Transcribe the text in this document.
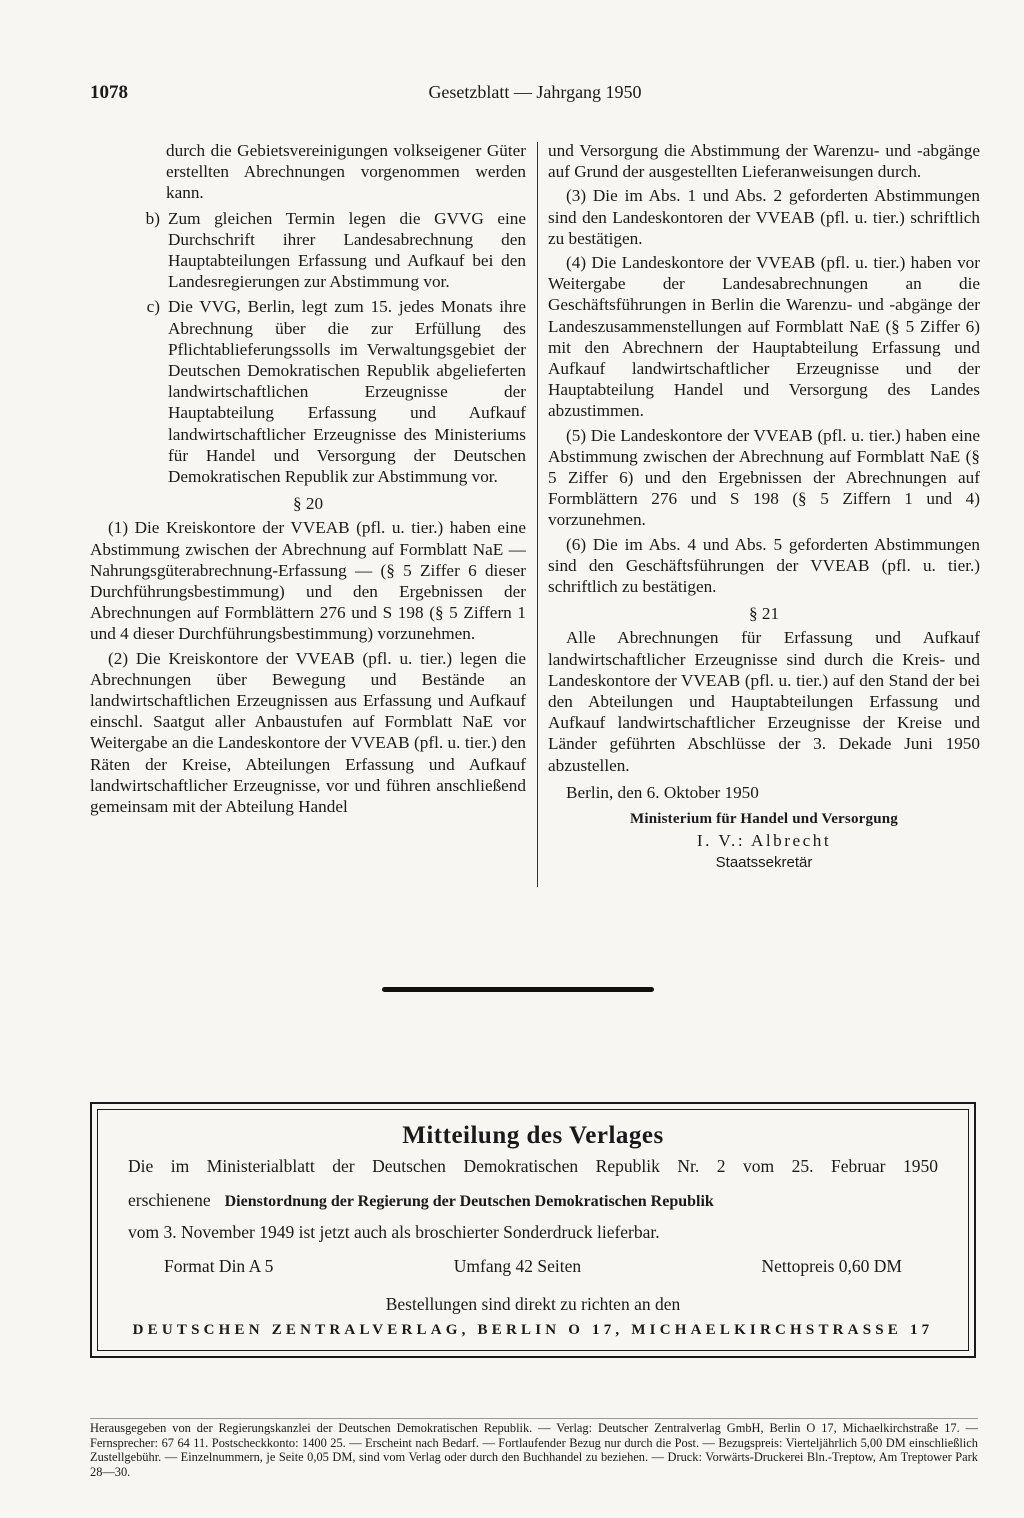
1078	Gesetzblatt — Jahrgang 1950

durch die Gebietsvereinigungen volkseigener Güter erstellten Abrechnungen vorgenommen werden kann.

b) Zum gleichen Termin legen die GVVG eine Durchschrift ihrer Landesabrechnung den Hauptabteilungen Erfassung und Aufkauf bei den Landesregierungen zur Abstimmung vor.
c) Die VVG, Berlin, legt zum 15. jedes Monats ihre Abrechnung über die zur Erfüllung des Pflichtablieferungssolls im Verwaltungsgebiet der Deutschen Demokratischen Republik abgelieferten landwirtschaftlichen Erzeugnisse der Hauptabteilung Erfassung und Aufkauf landwirtschaftlicher Erzeugnisse des Ministeriums für Handel und Versorgung der Deutschen Demokratischen Republik zur Abstimmung vor.

§ 20

(1) Die Kreiskontore der VVEAB (pfl. u. tier.) haben eine Abstimmung zwischen der Abrechnung auf Formblatt NaE — Nahrungsgüterabrechnung-Erfassung — (§ 5 Ziffer 6 dieser Durchführungsbestimmung) und den Ergebnissen der Abrechnungen auf Formblättern 276 und S 198 (§ 5 Ziffern 1 und 4 dieser Durchführungsbestimmung) vorzunehmen.

(2) Die Kreiskontore der VVEAB (pfl. u. tier.) legen die Abrechnungen über Bewegung und Bestände an landwirtschaftlichen Erzeugnissen aus Erfassung und Aufkauf einschl. Saatgut aller Anbaustufen auf Formblatt NaE vor Weitergabe an die Landeskontore der VVEAB (pfl. u. tier.) den Räten der Kreise, Abteilungen Erfassung und Aufkauf landwirtschaftlicher Erzeugnisse, vor und führen anschließend gemeinsam mit der Abteilung Handel

und Versorgung die Abstimmung der Warenzu- und -abgänge auf Grund der ausgestellten Lieferanweisungen durch.

(3) Die im Abs. 1 und Abs. 2 geforderten Abstimmungen sind den Landeskontoren der VVEAB (pfl. u. tier.) schriftlich zu bestätigen.

(4) Die Landeskontore der VVEAB (pfl. u. tier.) haben vor Weitergabe der Landesabrechnungen an die Geschäftsführungen in Berlin die Warenzu- und -abgänge der Landeszusammenstellungen auf Formblatt NaE (§ 5 Ziffer 6) mit den Abrechnern der Hauptabteilung Erfassung und Aufkauf landwirtschaftlicher Erzeugnisse und der Hauptabteilung Handel und Versorgung des Landes abzustimmen.

(5) Die Landeskontore der VVEAB (pfl. u. tier.) haben eine Abstimmung zwischen der Abrechnung auf Formblatt NaE (§ 5 Ziffer 6) und den Ergebnissen der Abrechnungen auf Formblättern 276 und S 198 (§ 5 Ziffern 1 und 4) vorzunehmen.

(6) Die im Abs. 4 und Abs. 5 geforderten Abstimmungen sind den Geschäftsführungen der VVEAB (pfl. u. tier.) schriftlich zu bestätigen.

§ 21

Alle Abrechnungen für Erfassung und Aufkauf landwirtschaftlicher Erzeugnisse sind durch die Kreis- und Landeskontore der VVEAB (pfl. u. tier.) auf den Stand der bei den Abteilungen und Hauptabteilungen Erfassung und Aufkauf landwirtschaftlicher Erzeugnisse der Kreise und Länder geführten Abschlüsse der 3. Dekade Juni 1950 abzustellen.

Berlin, den 6. Oktober 1950

Ministerium für Handel und Versorgung

I. V.: Albrecht

Staatssekretär

Mitteilung des Verlages
Die im Ministerialblatt der Deutschen Demokratischen Republik Nr. 2 vom 25. Februar 1950
erschienene Dienstordnung der Regierung der Deutschen Demokratischen Republik
vom 3. November 1949 ist jetzt auch als broschierter Sonderdruck lieferbar.
Format Din A 5	Umfang 42 Seiten	Nettopreis 0,60 DM
Bestellungen sind direkt zu richten an den
DEUTSCHEN ZENTRALVERLAG, BERLIN O 17, MICHAELKIRCHSTRASSE 17

Herausgegeben von der Regierungskanzlei der Deutschen Demokratischen Republik. — Verlag: Deutscher Zentralverlag GmbH, Berlin O 17, Michaelkirchstraße 17. — Fernsprecher: 67 64 11. Postscheckkonto: 1400 25. — Erscheint nach Bedarf. — Fortlaufender Bezug nur durch die Post. — Bezugspreis: Vierteljährlich 5,00 DM einschließlich Zustellgebühr. — Einzelnummern, je Seite 0,05 DM, sind vom Verlag oder durch den Buchhandel zu beziehen. — Druck: Vorwärts-Druckerei Bln.-Treptow, Am Treptower Park 28—30.
